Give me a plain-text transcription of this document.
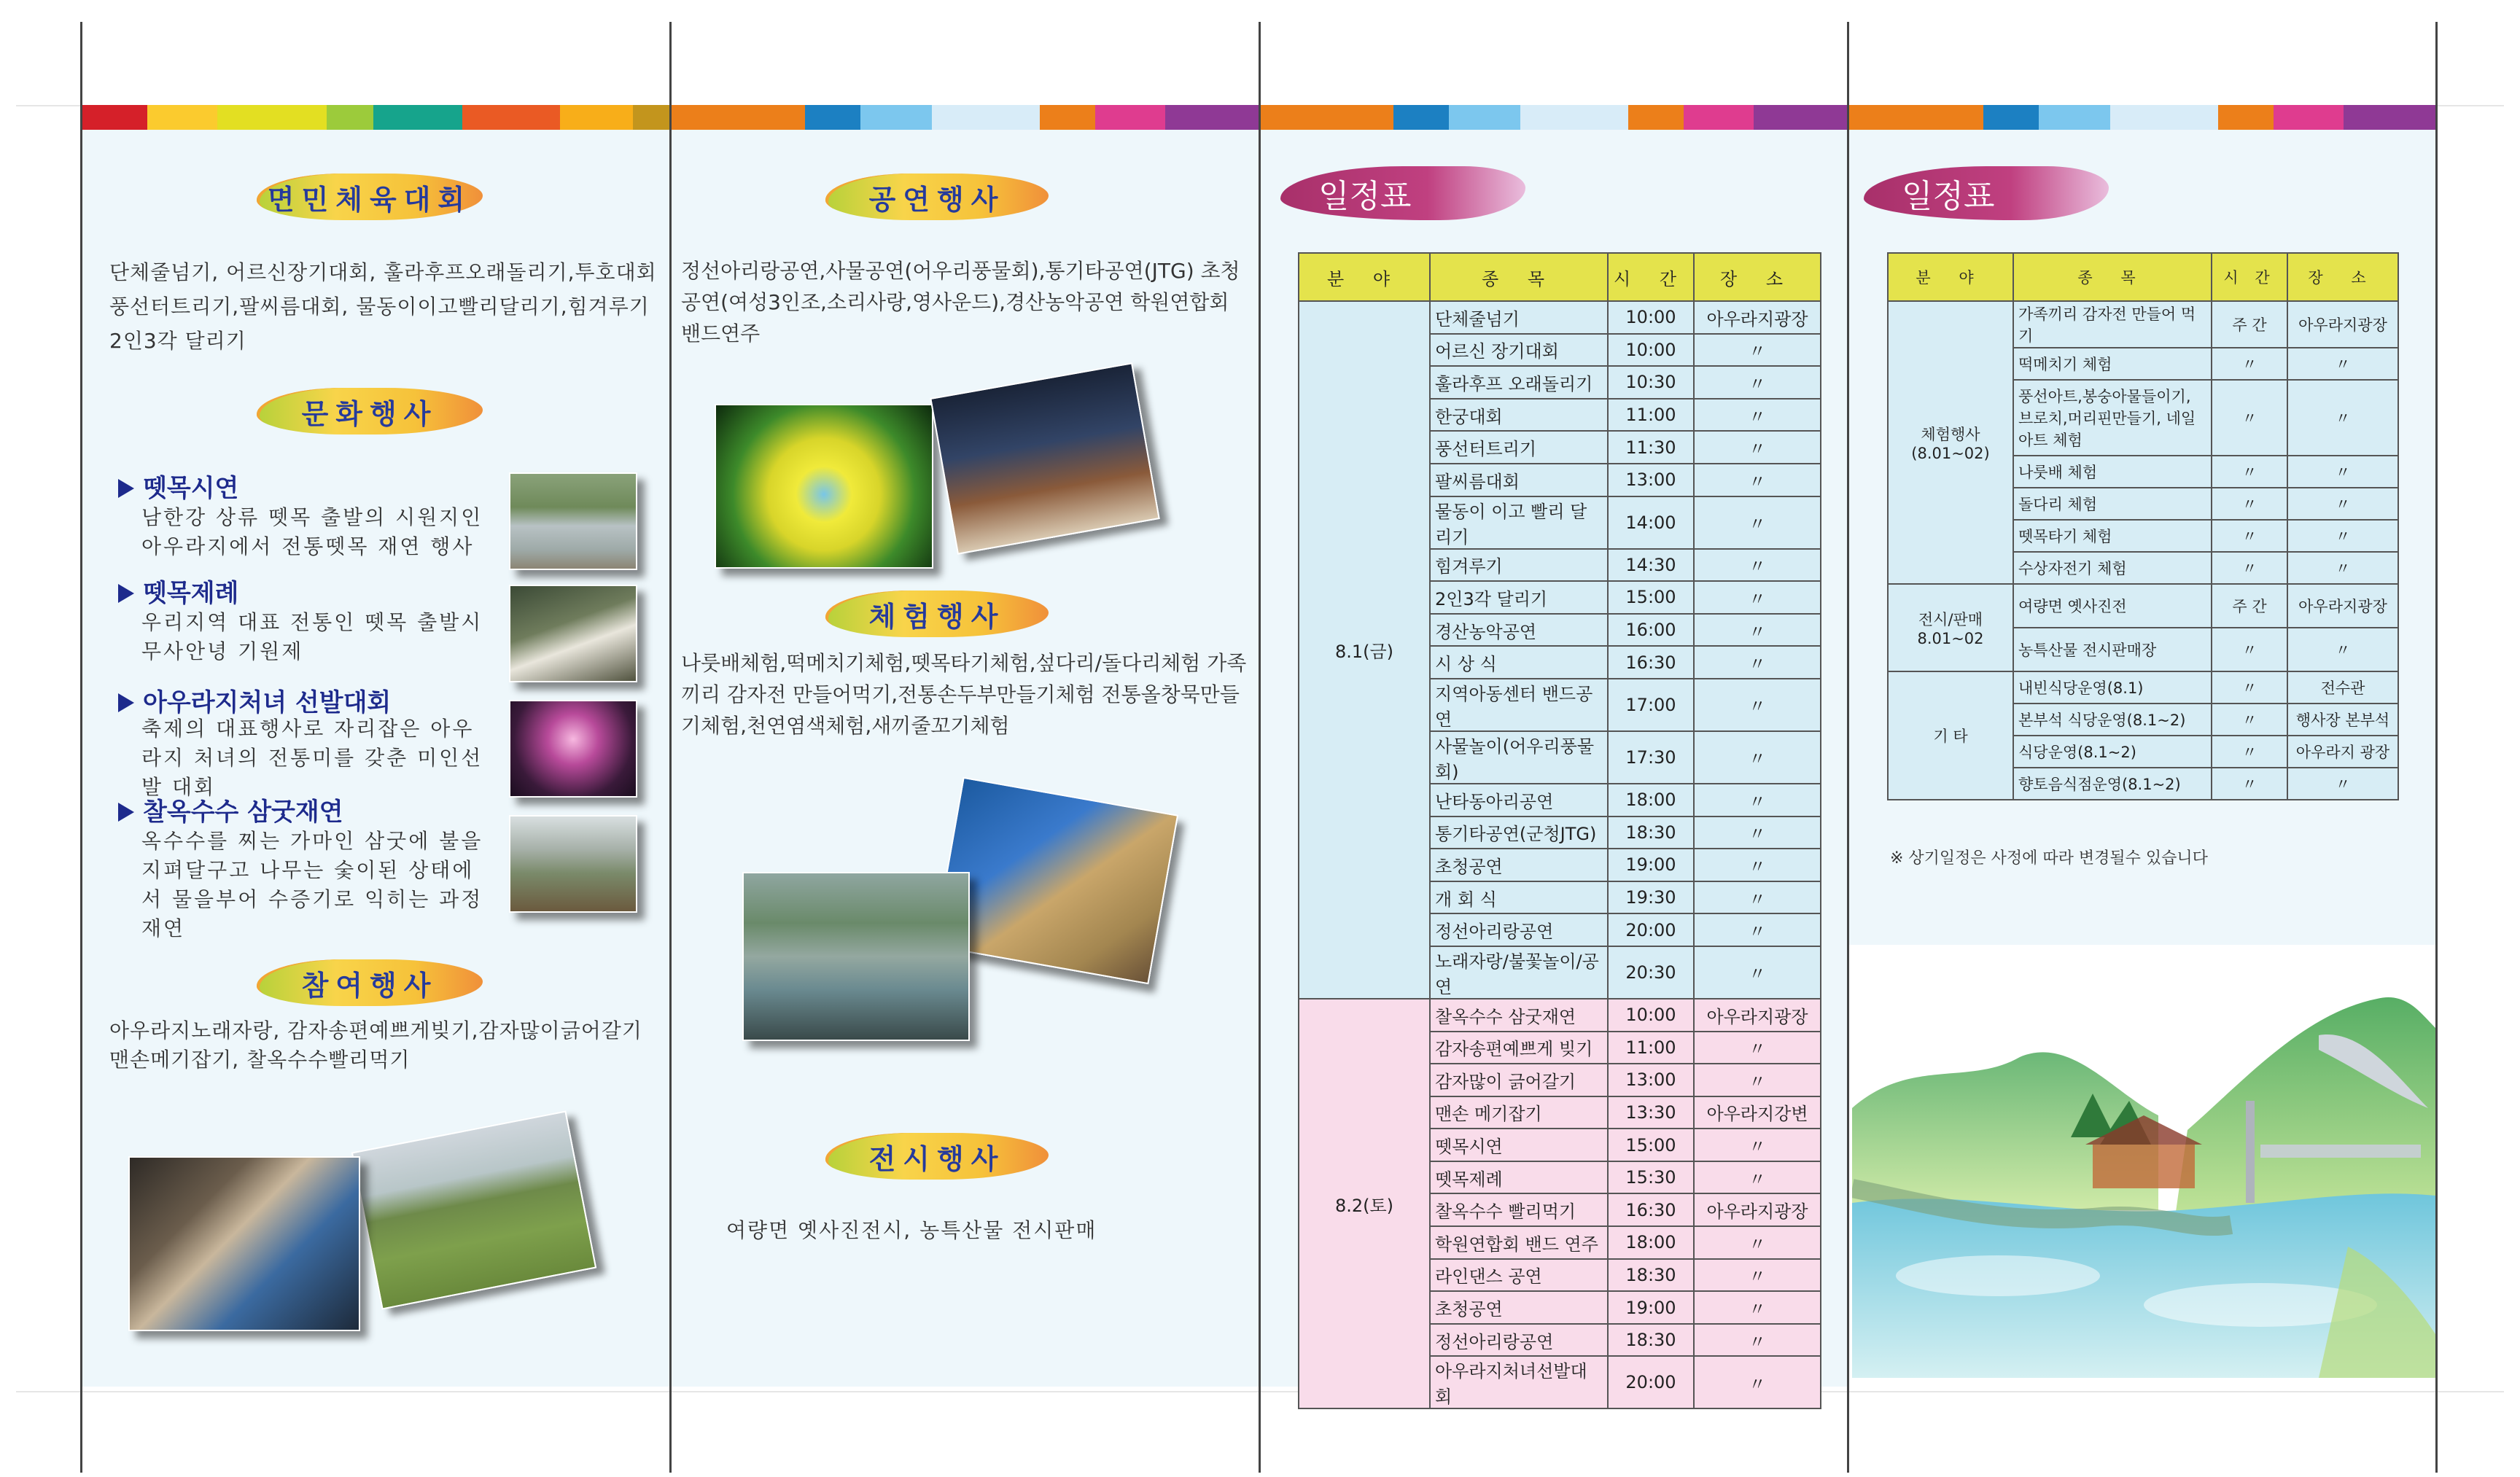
면민체육대회
단체줄넘기, 어르신장기대회, 훌라후프오래돌리기,투호대회 풍선터트리기,팔씨름대회, 물동이이고빨리달리기,힘겨루기 2인3각 달리기
문화행사
뗏목시연
남한강 상류 뗏목 출발의 시원지인 아우라지에서 전통뗏목 재연 행사
뗏목제례
우리지역 대표 전통인 뗏목 출발시 무사안녕 기원제
아우라지처녀 선발대회
축제의 대표행사로 자리잡은 아우라지 처녀의 전통미를 갖춘 미인선발 대회
찰옥수수 삼굿재연
옥수수를 찌는 가마인 삼굿에 불을 지펴달구고 나무는 숯이된 상태에서 물을부어 수증기로 익히는 과정재연
참여행사
아우라지노래자랑, 감자송편예쁘게빚기,감자많이긁어갈기 맨손메기잡기, 찰옥수수빨리먹기
공연행사
정선아리랑공연,사물공연(어우리풍물회),통기타공연(JTG) 초청공연(여성3인조,소리사랑,영사운드),경산농악공연 학원연합회밴드연주
체험행사
나룻배체험,떡메치기체험,뗏목타기체험,섶다리/돌다리체험 가족끼리 감자전 만들어먹기,전통손두부만들기체험 전통올창묵만들기체험,천연염색체험,새끼줄꼬기체험
전시행사
여량면 옛사진전시, 농특산물 전시판매
일정표
분 야	종 목	시 간	장 소
8.1(금)	단체줄넘기	10:00	아우라지광장
	어르신 장기대회	10:00	〃
	훌라후프 오래돌리기	10:30	〃
	한궁대회	11:00	〃
	풍선터트리기	11:30	〃
	팔씨름대회	13:00	〃
	물동이 이고 빨리 달리기	14:00	〃
	힘겨루기	14:30	〃
	2인3각 달리기	15:00	〃
	경산농악공연	16:00	〃
	시 상 식	16:30	〃
	지역아동센터 밴드공연	17:00	〃
	사물놀이(어우리풍물회)	17:30	〃
	난타동아리공연	18:00	〃
	통기타공연(군청JTG)	18:30	〃
	초청공연	19:00	〃
	개 회 식	19:30	〃
	정선아리랑공연	20:00	〃
	노래자랑/불꽃놀이/공연	20:30	〃
8.2(토)	찰옥수수 삼굿재연	10:00	아우라지광장
	감자송편예쁘게 빚기	11:00	〃
	감자많이 긁어갈기	13:00	〃
	맨손 메기잡기	13:30	아우라지강변
	뗏목시연	15:00	〃
	뗏목제례	15:30	〃
	찰옥수수 빨리먹기	16:30	아우라지광장
	학원연합회 밴드 연주	18:00	〃
	라인댄스 공연	18:30	〃
	초청공연	19:00	〃
	정선아리랑공연	18:30	〃
	아우라지처녀선발대회	20:00	〃
일정표
분 야	종 목	시 간	장 소
체험행사 (8.01~02)	가족끼리 감자전 만들어 먹기	주 간	아우라지광장
	떡메치기 체험	〃	〃
	풍선아트,봉숭아물들이기, 브로치,머리핀만들기, 네일아트 체험	〃	〃
	나룻배 체험	〃	〃
	돌다리 체험	〃	〃
	뗏목타기 체험	〃	〃
	수상자전기 체험	〃	〃
전시/판매 8.01~02	여량면 옛사진전	주 간	아우라지광장
	농특산물 전시판매장	〃	〃
기 타	내빈식당운영(8.1)	〃	전수관
	본부석 식당운영(8.1~2)	〃	행사장 본부석
	식당운영(8.1~2)	〃	아우라지 광장
	향토음식점운영(8.1~2)	〃	〃
※ 상기일정은 사정에 따라 변경될수 있습니다
